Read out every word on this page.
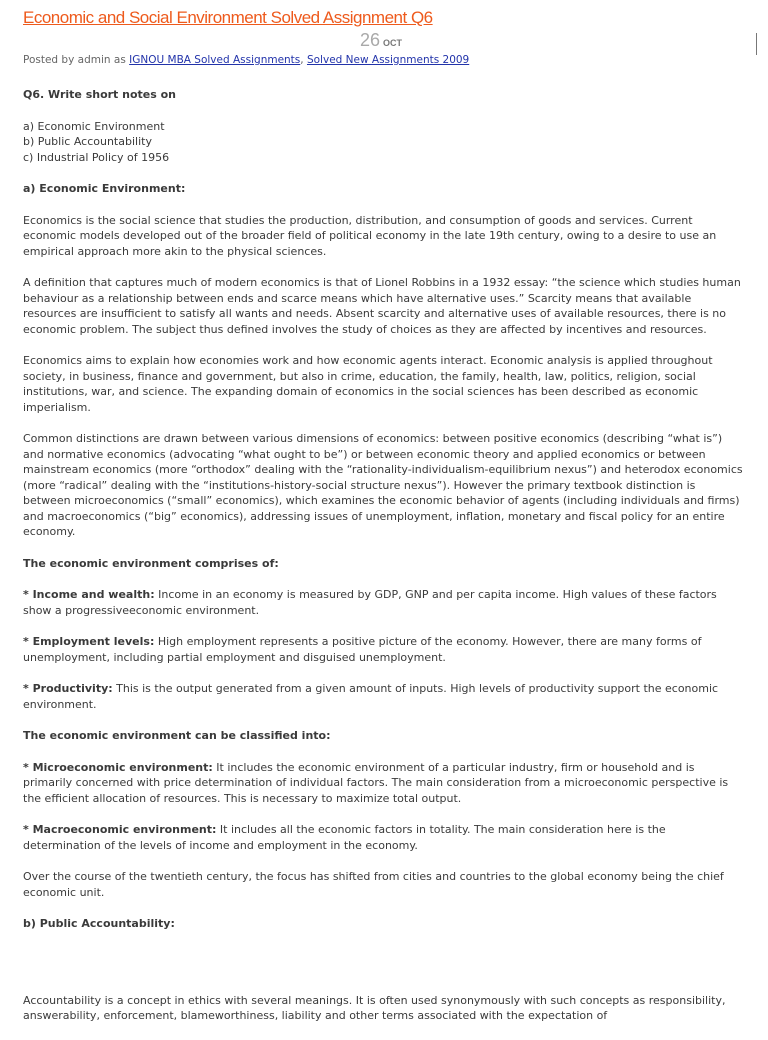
Economic and Social Environment Solved Assignment Q6
26 OCT
Posted by admin as IGNOU MBA Solved Assignments, Solved New Assignments 2009

Q6. Write short notes on

a) Economic Environment
b) Public Accountability
c) Industrial Policy of 1956

a) Economic Environment:

Economics is the social science that studies the production, distribution, and consumption of goods and services. Current economic models developed out of the broader field of political economy in the late 19th century, owing to a desire to use an empirical approach more akin to the physical sciences.

A definition that captures much of modern economics is that of Lionel Robbins in a 1932 essay: “the science which studies human behaviour as a relationship between ends and scarce means which have alternative uses.” Scarcity means that available resources are insufficient to satisfy all wants and needs. Absent scarcity and alternative uses of available resources, there is no economic problem. The subject thus defined involves the study of choices as they are affected by incentives and resources.

Economics aims to explain how economies work and how economic agents interact. Economic analysis is applied throughout society, in business, finance and government, but also in crime, education, the family, health, law, politics, religion, social institutions, war, and science. The expanding domain of economics in the social sciences has been described as economic imperialism.

Common distinctions are drawn between various dimensions of economics: between positive economics (describing “what is”) and normative economics (advocating “what ought to be”) or between economic theory and applied economics or between mainstream economics (more “orthodox” dealing with the “rationality-individualism-equilibrium nexus”) and heterodox economics (more “radical” dealing with the “institutions-history-social structure nexus”). However the primary textbook distinction is between microeconomics (“small” economics), which examines the economic behavior of agents (including individuals and firms) and macroeconomics (“big” economics), addressing issues of unemployment, inflation, monetary and fiscal policy for an entire economy.

The economic environment comprises of:

* Income and wealth: Income in an economy is measured by GDP, GNP and per capita income. High values of these factors show a progressiveeconomic environment.

* Employment levels: High employment represents a positive picture of the economy. However, there are many forms of unemployment, including partial employment and disguised unemployment.

* Productivity: This is the output generated from a given amount of inputs. High levels of productivity support the economic environment.

The economic environment can be classified into:

* Microeconomic environment: It includes the economic environment of a particular industry, firm or household and is primarily concerned with price determination of individual factors. The main consideration from a microeconomic perspective is the efficient allocation of resources. This is necessary to maximize total output.

* Macroeconomic environment: It includes all the economic factors in totality. The main consideration here is the determination of the levels of income and employment in the economy.

Over the course of the twentieth century, the focus has shifted from cities and countries to the global economy being the chief economic unit.

b) Public Accountability:

Accountability is a concept in ethics with several meanings. It is often used synonymously with such concepts as responsibility, answerability, enforcement, blameworthiness, liability and other terms associated with the expectation of
